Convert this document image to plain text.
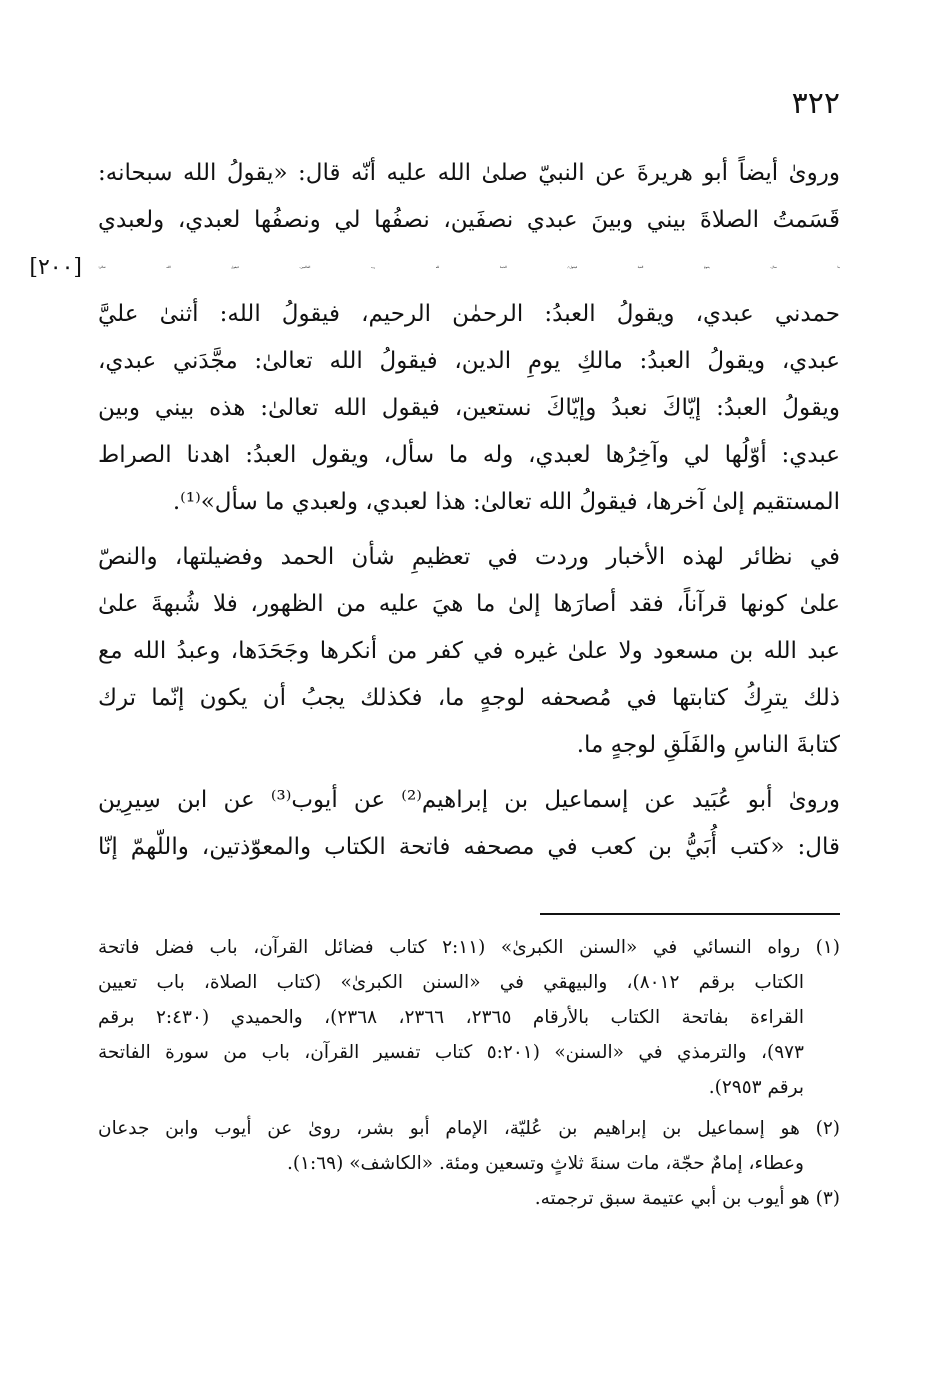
٣٢٢
وروىٰ أيضاً أبو هريرةَ عن النبيّ صلىٰ الله عليه أنّه قال: «يقولُ الله سبحانه:
قَسَمتُ الصلاةَ بيني وبينَ عبدي نصفَين، نصفُها لي ونصفُها لعبدي، ولعبدي
ما سال، يقومُ العبدُ فيقول:/ الحمدُ لله رب العالمين، فيقول الله تعالىٰ:
[٢٠٠]
حمدني عبدي، ويقولُ العبدُ: الرحمٰن الرحيم، فيقولُ الله: أثنىٰ عليَّ
عبدي، ويقولُ العبدُ: مالكِ يومِ الدين، فيقولُ الله تعالىٰ: مجَّدَني عبدي،
ويقولُ العبدُ: إيّاكَ نعبدُ وإيّاكَ نستعين، فيقول الله تعالىٰ: هذه بيني وبين
عبدي: أوّلُها لي وآخِرُها لعبدي، وله ما سأل، ويقول العبدُ: اهدنا الصراط
المستقيم إلىٰ آخرها، فيقولُ الله تعالىٰ: هذا لعبدي، ولعبدي ما سأل»⁽¹⁾.
في نظائر لهذه الأخبار وردت في تعظيمِ شأن الحمد وفضيلتها، والنصّ
علىٰ كونها قرآناً، فقد أصارَها إلىٰ ما هيَ عليه من الظهور، فلا شُبهةَ علىٰ
عبد الله بن مسعود ولا علىٰ غيره في كفر من أنكرها وجَحَدَها، وعبدُ الله مع
ذلك يترِكُ كتابتها في مُصحفه لوجهٍ ما، فكذلك يجبُ أن يكون إنّما ترك
كتابةَ الناسِ والفَلَقِ لوجهٍ ما.
وروىٰ أبو عُبَيد عن إسماعيل بن إبراهيم⁽²⁾ عن أيوب⁽³⁾ عن ابن سِيرِين
قال: «كتب أُبَيُّ بن كعب في مصحفه فاتحة الكتاب والمعوّذتين، واللّهمّ إنّا
(١) رواه النسائي في «السنن الكبرىٰ» (٢:١١ كتاب فضائل القرآن، باب فضل فاتحة
الكتاب برقم ٨٠١٢)، والبيهقي في «السنن الكبرىٰ» (كتاب الصلاة، باب تعيين
القراءة بفاتحة الكتاب بالأرقام ٢٣٦٥، ٢٣٦٦، ٢٣٦٨)، والحميدي (٢:٤٣٠ برقم
٩٧٣)، والترمذي في «السنن» (٥:٢٠١ كتاب تفسير القرآن، باب من سورة الفاتحة
برقم ٢٩٥٣).
(٢) هو إسماعيل بن إبراهيم بن عُليّة، الإمام أبو بشر، روىٰ عن أيوب وابن جدعان
وعطاء، إمامٌ حجّة، مات سنةَ ثلاثٍ وتسعين ومئة. «الكاشف» (١:٦٩).
(٣) هو أيوب بن أبي عتيمة سبق ترجمته.
